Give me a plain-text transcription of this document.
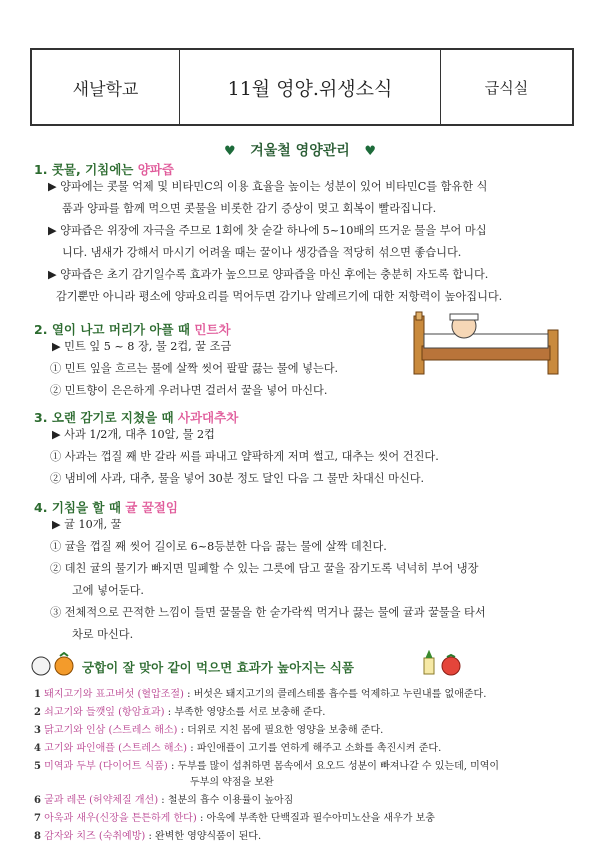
새날학교	11월 영양.위생소식	급식실
♥ 겨울철 영양관리 ♥
1. 콧물, 기침에는 양파즙
▶ 양파에는 콧물 억제 및 비타민C의 이용 효율을 높이는 성분이 있어 비타민C를 함유한 식
품과 양파를 함께 먹으면 콧물을 비롯한 감기 증상이 멎고 회복이 빨라집니다.
▶ 양파즙은 위장에 자극을 주므로 1회에 찻 숟갈 하나에 5~10배의 뜨거운 물을 부어 마십
니다. 냄새가 강해서 마시기 어려울 때는 꿀이나 생강즙을 적당히 섞으면 좋습니다.
▶ 양파즙은 초기 감기일수록 효과가 높으므로 양파즙을 마신 후에는 충분히 자도록 합니다.
감기뿐만 아니라 평소에 양파요리를 먹어두면 감기나 알레르기에 대한 저항력이 높아집니다.
2. 열이 나고 머리가 아플 때 민트차
▶ 민트 잎 5 ~ 8 장, 물 2컵, 꿀 조금
① 민트 잎을 흐르는 물에 살짝 씻어 팔팔 끓는 물에 넣는다.
② 민트향이 은은하게 우러나면 걸러서 꿀을 넣어 마신다.
3. 오랜 감기로 지쳤을 때 사과대추차
▶ 사과 1/2개, 대추 10알, 물 2컵
① 사과는 껍질 째 반 갈라 씨를 파내고 얄팍하게 저며 썰고, 대추는 씻어 건진다.
② 냄비에 사과, 대추, 물을 넣어 30분 정도 달인 다음 그 물만 차대신 마신다.
4. 기침을 할 때 귤 꿀절임
▶ 귤 10개, 꿀
① 귤을 껍질 째 씻어 길이로 6~8등분한 다음 끓는 물에 살짝 데친다.
② 데친 귤의 물기가 빠지면 밀폐할 수 있는 그릇에 담고 꿀을 잠기도록 넉넉히 부어 냉장
고에 넣어둔다.
③ 전체적으로 끈적한 느낌이 들면 꿀물을 한 숟가락씩 먹거나 끓는 물에 귤과 꿀물을 타서
차로 마신다.
궁합이 잘 맞아 같이 먹으면 효과가 높아지는 식품
1 돼지고기와 표고버섯 (혈압조절) : 버섯은 돼지고기의 콜레스테롤 흡수를 억제하고 누린내를 없애준다.
2 쇠고기와 들깻잎 (항암효과) : 부족한 영양소를 서로 보충해 준다.
3 닭고기와 인삼 (스트레스 해소) : 더위로 지친 몸에 필요한 영양을 보충해 준다.
4 고기와 파인애플 (스트레스 해소) : 파인애플이 고기를 연하게 해주고 소화를 촉진시켜 준다.
5 미역과 두부 (다이어트 식품) : 두부를 많이 섭취하면 몸속에서 요오드 성분이 빠져나갈 수 있는데, 미역이
두부의 약점을 보완
6 굴과 레몬 (허약체질 개선) : 철분의 흡수 이용률이 높아짐
7 아욱과 새우(신장을 튼튼하게 한다) : 아욱에 부족한 단백질과 필수아미노산을 새우가 보충
8 감자와 치즈 (숙취예방) : 완벽한 영양식품이 된다.
